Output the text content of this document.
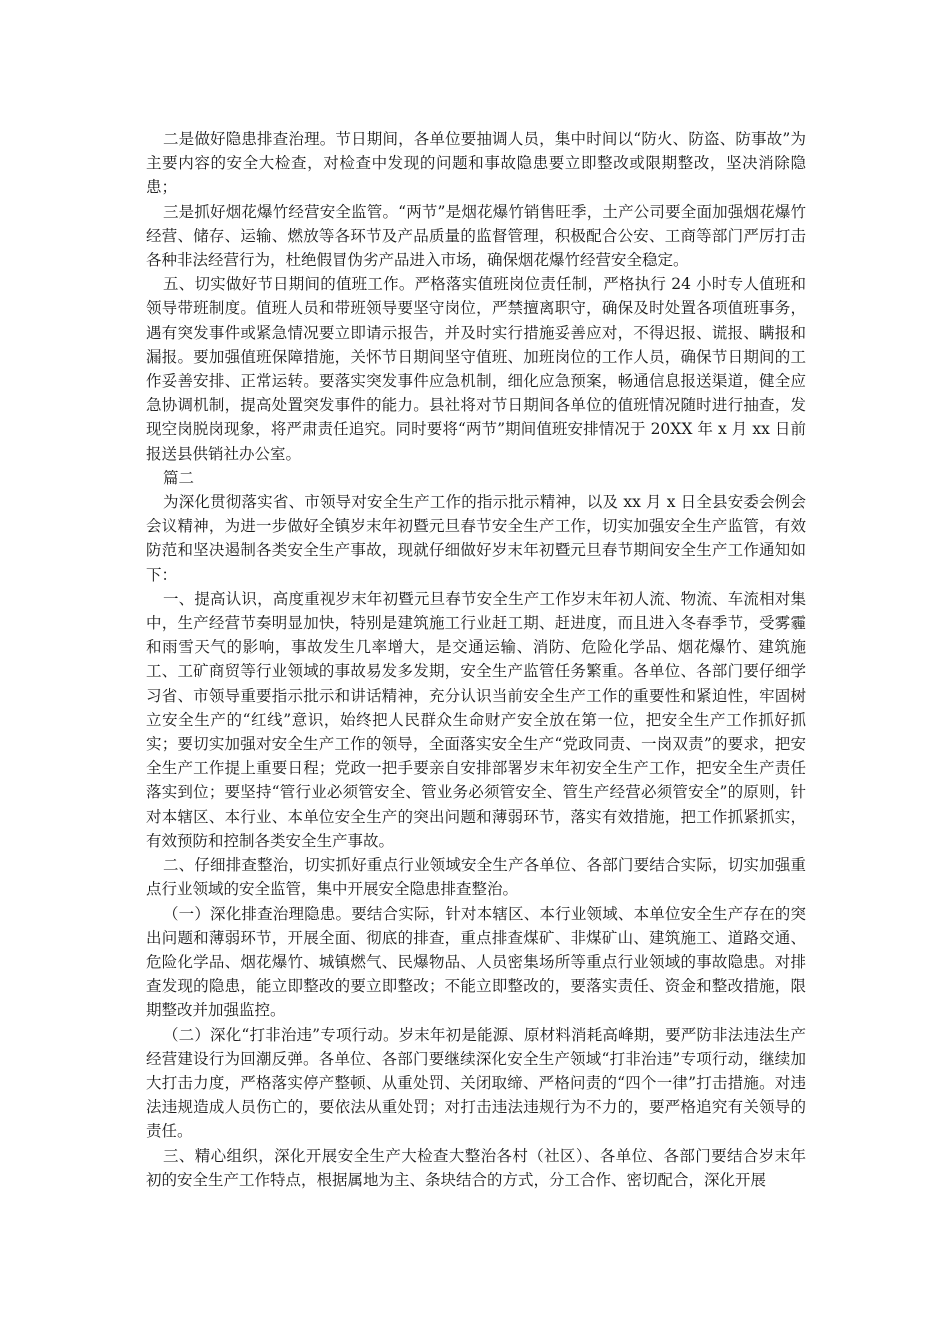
二是做好隐患排查治理。节日期间，各单位要抽调人员，集中时间以“防火、防盗、防事故”为主要内容的安全大检查，对检查中发现的问题和事故隐患要立即整改或限期整改，坚决消除隐患；

三是抓好烟花爆竹经营安全监管。“两节”是烟花爆竹销售旺季，土产公司要全面加强烟花爆竹经营、储存、运输、燃放等各环节及产品质量的监督管理，积极配合公安、工商等部门严厉打击各种非法经营行为，杜绝假冒伪劣产品进入市场，确保烟花爆竹经营安全稳定。

五、切实做好节日期间的值班工作。严格落实值班岗位责任制，严格执行 24 小时专人值班和领导带班制度。值班人员和带班领导要坚守岗位，严禁擅离职守，确保及时处置各项值班事务，遇有突发事件或紧急情况要立即请示报告，并及时实行措施妥善应对，不得迟报、谎报、瞒报和漏报。要加强值班保障措施，关怀节日期间坚守值班、加班岗位的工作人员，确保节日期间的工作妥善安排、正常运转。要落实突发事件应急机制，细化应急预案，畅通信息报送渠道，健全应急协调机制，提高处置突发事件的能力。县社将对节日期间各单位的值班情况随时进行抽查，发现空岗脱岗现象，将严肃责任追究。同时要将“两节”期间值班安排情况于 20XX 年 x 月 xx 日前报送县供销社办公室。

篇二

为深化贯彻落实省、市领导对安全生产工作的指示批示精神，以及 xx 月 x 日全县安委会例会会议精神，为进一步做好全镇岁末年初暨元旦春节安全生产工作，切实加强安全生产监管，有效防范和坚决遏制各类安全生产事故，现就仔细做好岁末年初暨元旦春节期间安全生产工作通知如下：

一、提高认识，高度重视岁末年初暨元旦春节安全生产工作岁末年初人流、物流、车流相对集中，生产经营节奏明显加快，特别是建筑施工行业赶工期、赶进度，而且进入冬春季节，受雾霾和雨雪天气的影响，事故发生几率增大，是交通运输、消防、危险化学品、烟花爆竹、建筑施工、工矿商贸等行业领域的事故易发多发期，安全生产监管任务繁重。各单位、各部门要仔细学习省、市领导重要指示批示和讲话精神，充分认识当前安全生产工作的重要性和紧迫性，牢固树立安全生产的“红线”意识，始终把人民群众生命财产安全放在第一位，把安全生产工作抓好抓实；要切实加强对安全生产工作的领导，全面落实安全生产“党政同责、一岗双责”的要求，把安全生产工作提上重要日程；党政一把手要亲自安排部署岁末年初安全生产工作，把安全生产责任落实到位；要坚持“管行业必须管安全、管业务必须管安全、管生产经营必须管安全”的原则，针对本辖区、本行业、本单位安全生产的突出问题和薄弱环节，落实有效措施，把工作抓紧抓实，有效预防和控制各类安全生产事故。

二、仔细排查整治，切实抓好重点行业领域安全生产各单位、各部门要结合实际，切实加强重点行业领域的安全监管，集中开展安全隐患排查整治。

（一）深化排查治理隐患。要结合实际，针对本辖区、本行业领域、本单位安全生产存在的突出问题和薄弱环节，开展全面、彻底的排查，重点排查煤矿、非煤矿山、建筑施工、道路交通、危险化学品、烟花爆竹、城镇燃气、民爆物品、人员密集场所等重点行业领域的事故隐患。对排查发现的隐患，能立即整改的要立即整改；不能立即整改的，要落实责任、资金和整改措施，限期整改并加强监控。

（二）深化“打非治违”专项行动。岁末年初是能源、原材料消耗高峰期，要严防非法违法生产经营建设行为回潮反弹。各单位、各部门要继续深化安全生产领域“打非治违”专项行动，继续加大打击力度，严格落实停产整顿、从重处罚、关闭取缔、严格问责的“四个一律”打击措施。对违法违规造成人员伤亡的，要依法从重处罚；对打击违法违规行为不力的，要严格追究有关领导的责任。

三、精心组织，深化开展安全生产大检查大整治各村（社区）、各单位、各部门要结合岁末年初的安全生产工作特点，根据属地为主、条块结合的方式，分工合作、密切配合，深化开展
